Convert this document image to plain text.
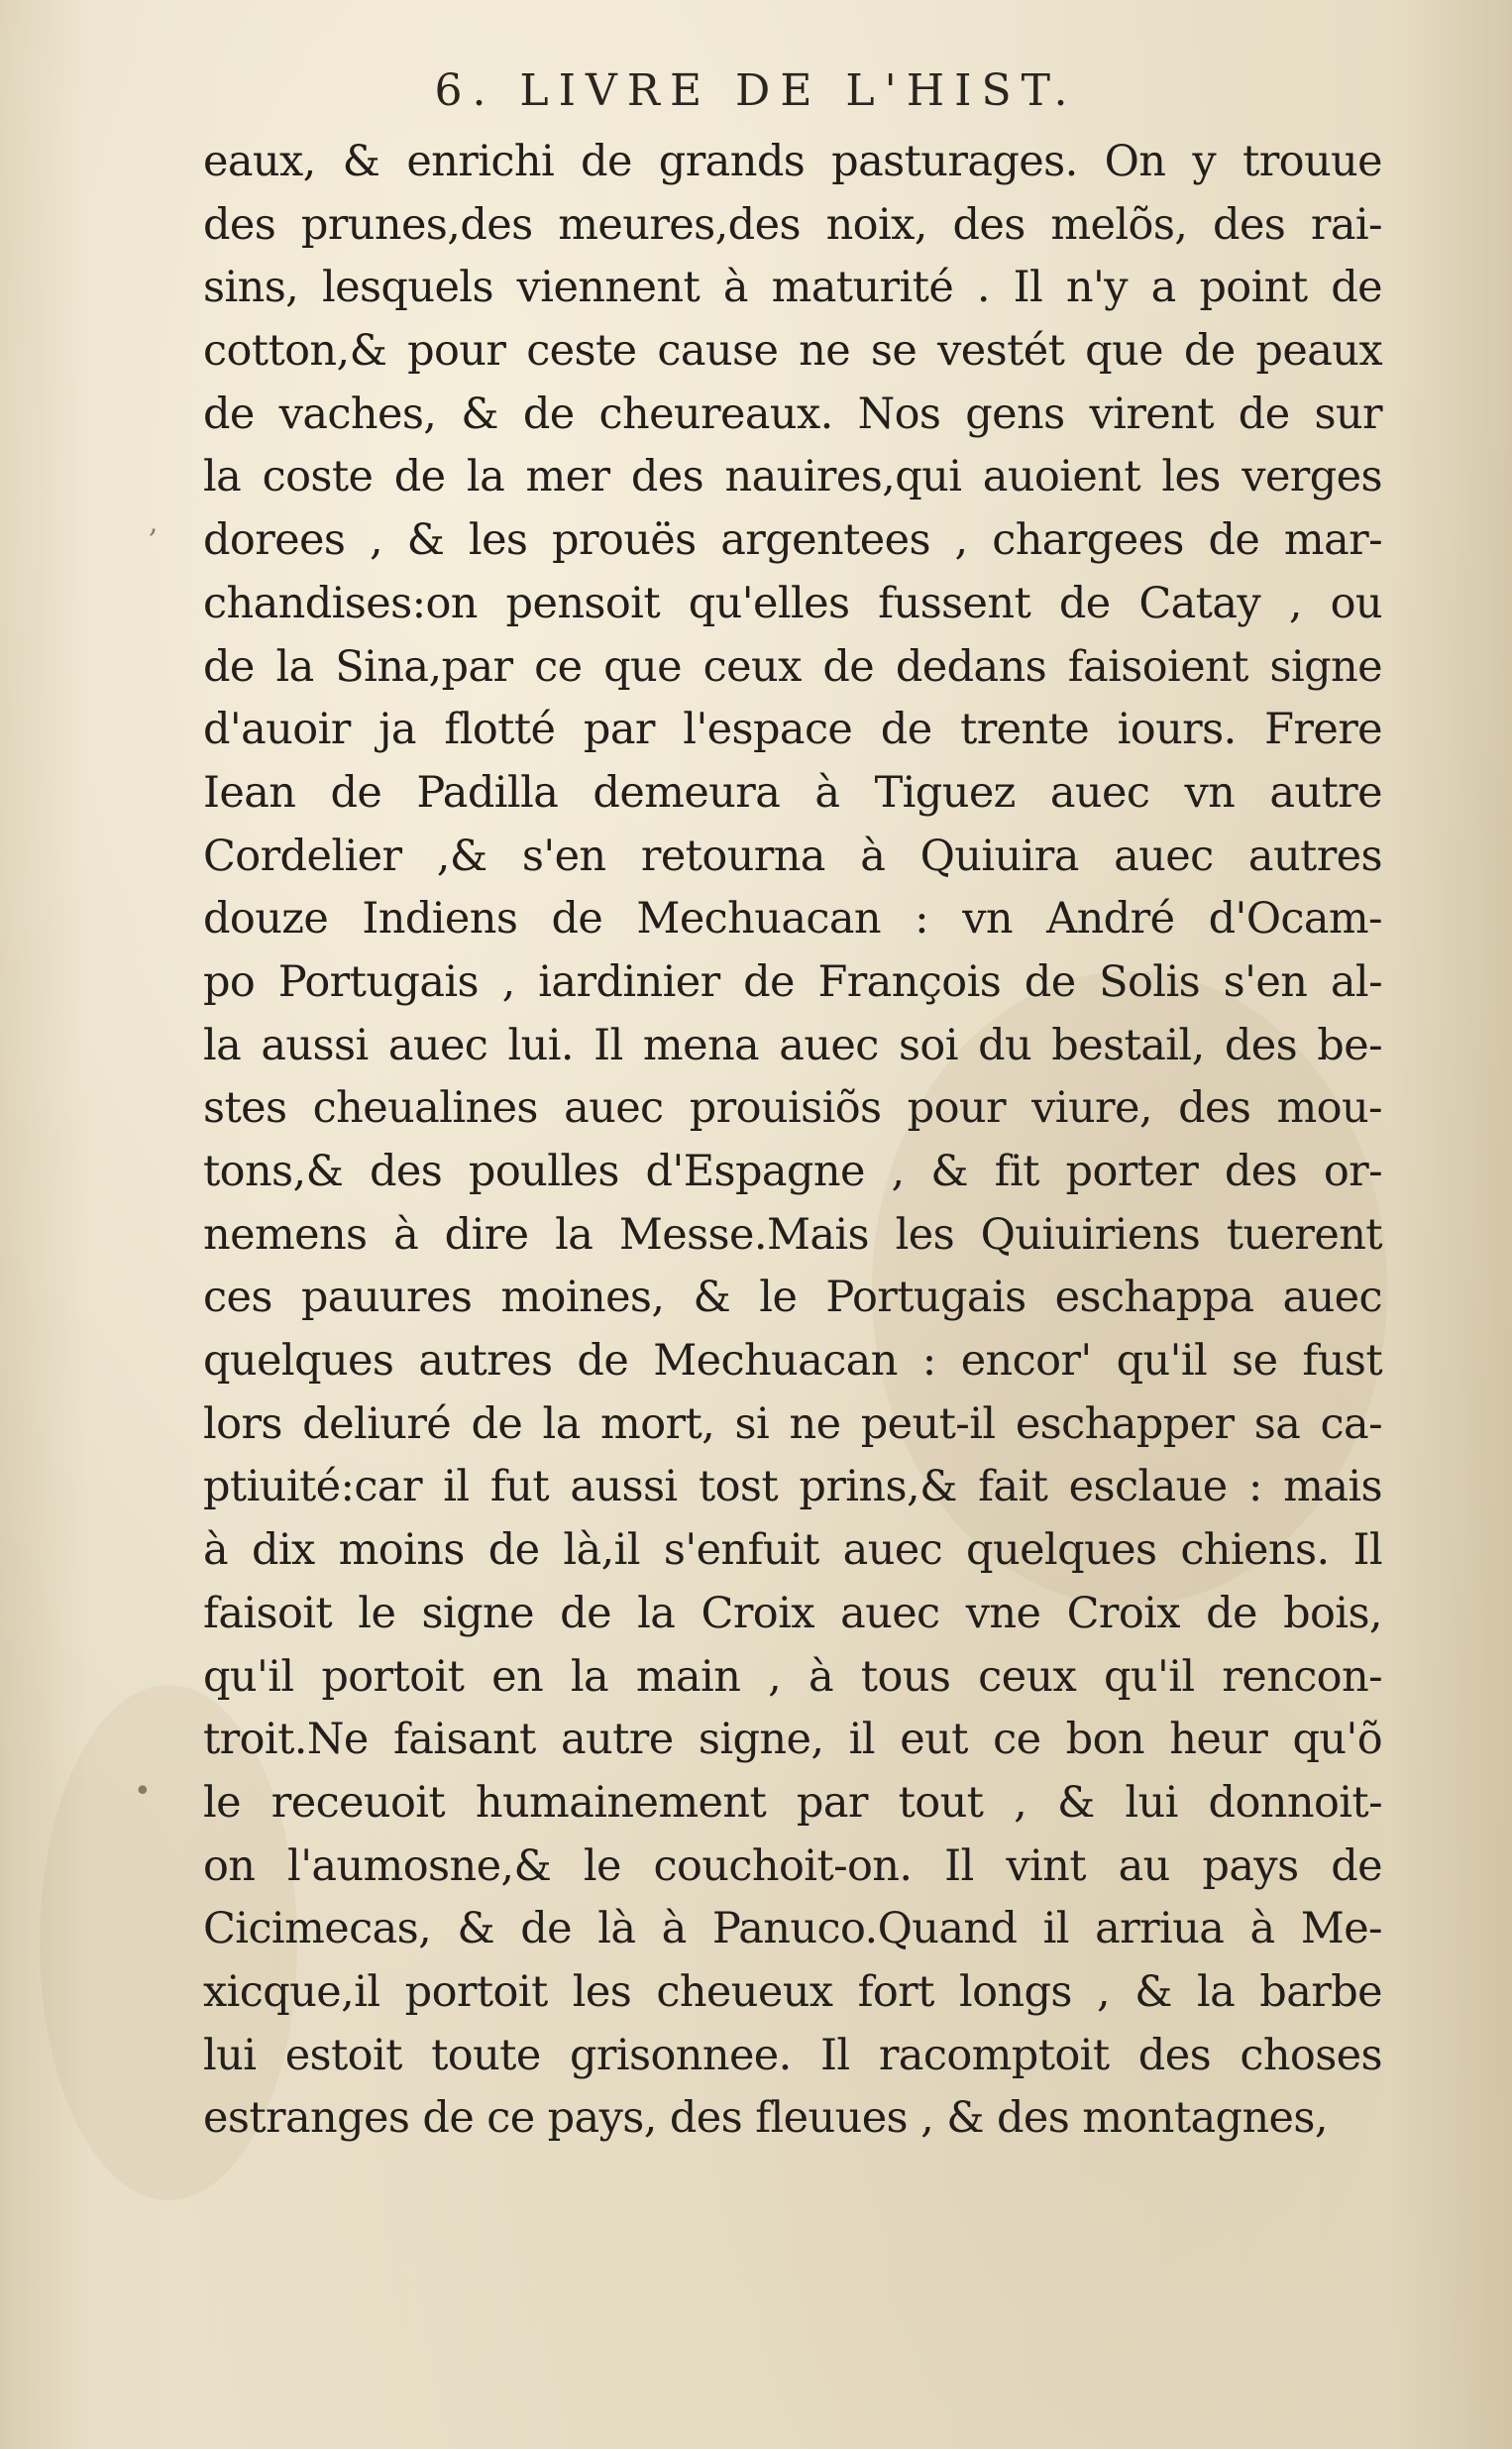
,
•
6. LIVRE DE L'HIST.
eaux, & enrichi de grands pasturages. On y trouue
des prunes,des meures,des noix, des melõs, des rai-
sins, lesquels viennent à maturité . Il n'y a point de
cotton,& pour ceste cause ne se vestét que de peaux
de vaches, & de cheureaux. Nos gens virent de sur
la coste de la mer des nauires,qui auoient les verges
dorees , & les prouës argentees , chargees de mar-
chandises:on pensoit qu'elles fussent de Catay , ou
de la Sina,par ce que ceux de dedans faisoient signe
d'auoir ja flotté par l'espace de trente iours. Frere
Iean de Padilla demeura à Tiguez auec vn autre
Cordelier ,& s'en retourna à Quiuira auec autres
douze Indiens de Mechuacan : vn André d'Ocam-
po Portugais , iardinier de François de Solis s'en al-
la aussi auec lui. Il mena auec soi du bestail, des be-
stes cheualines auec prouisiõs pour viure, des mou-
tons,& des poulles d'Espagne , & fit porter des or-
nemens à dire la Messe.Mais les Quiuiriens tuerent
ces pauures moines, & le Portugais eschappa auec
quelques autres de Mechuacan : encor' qu'il se fust
lors deliuré de la mort, si ne peut-il eschapper sa ca-
ptiuité:car il fut aussi tost prins,& fait esclaue : mais
à dix moins de là,il s'enfuit auec quelques chiens. Il
faisoit le signe de la Croix auec vne Croix de bois,
qu'il portoit en la main , à tous ceux qu'il rencon-
troit.Ne faisant autre signe, il eut ce bon heur qu'õ
le receuoit humainement par tout , & lui donnoit-
on l'aumosne,& le couchoit-on. Il vint au pays de
Cicimecas, & de là à Panuco.Quand il arriua à Me-
xicque,il portoit les cheueux fort longs , & la barbe
lui estoit toute grisonnee. Il racomptoit des choses
estranges de ce pays, des fleuues , & des montagnes,
